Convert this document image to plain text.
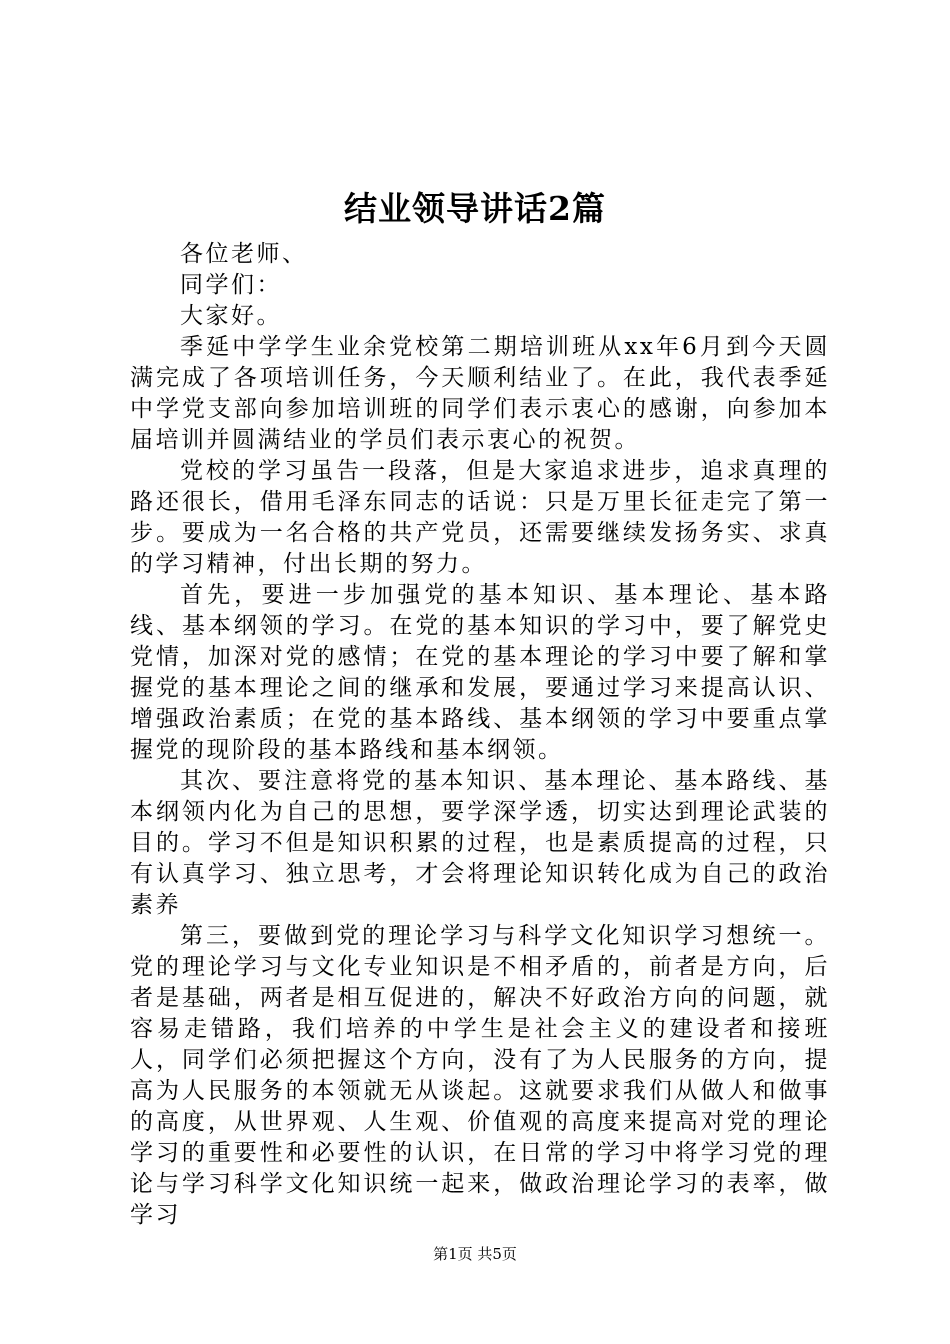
结业领导讲话2篇

各位老师、

同学们：

大家好。

季延中学学生业余党校第二期培训班从xx年6月到今天圆满完成了各项培训任务，今天顺利结业了。在此，我代表季延中学党支部向参加培训班的同学们表示衷心的感谢，向参加本届培训并圆满结业的学员们表示衷心的祝贺。

党校的学习虽告一段落，但是大家追求进步，追求真理的路还很长，借用毛泽东同志的话说：只是万里长征走完了第一步。要成为一名合格的共产党员，还需要继续发扬务实、求真的学习精神，付出长期的努力。

首先，要进一步加强党的基本知识、基本理论、基本路线、基本纲领的学习。在党的基本知识的学习中，要了解党史党情，加深对党的感情；在党的基本理论的学习中要了解和掌握党的基本理论之间的继承和发展，要通过学习来提高认识、增强政治素质；在党的基本路线、基本纲领的学习中要重点掌握党的现阶段的基本路线和基本纲领。

其次、要注意将党的基本知识、基本理论、基本路线、基本纲领内化为自己的思想，要学深学透，切实达到理论武装的目的。学习不但是知识积累的过程，也是素质提高的过程，只有认真学习、独立思考，才会将理论知识转化成为自己的政治素养

第三，要做到党的理论学习与科学文化知识学习想统一。党的理论学习与文化专业知识是不相矛盾的，前者是方向，后者是基础，两者是相互促进的，解决不好政治方向的问题，就容易走错路，我们培养的中学生是社会主义的建设者和接班人，同学们必须把握这个方向，没有了为人民服务的方向，提高为人民服务的本领就无从谈起。这就要求我们从做人和做事的高度，从世界观、人生观、价值观的高度来提高对党的理论学习的重要性和必要性的认识，在日常的学习中将学习党的理论与学习科学文化知识统一起来，做政治理论学习的表率，做学习

第1页 共5页
